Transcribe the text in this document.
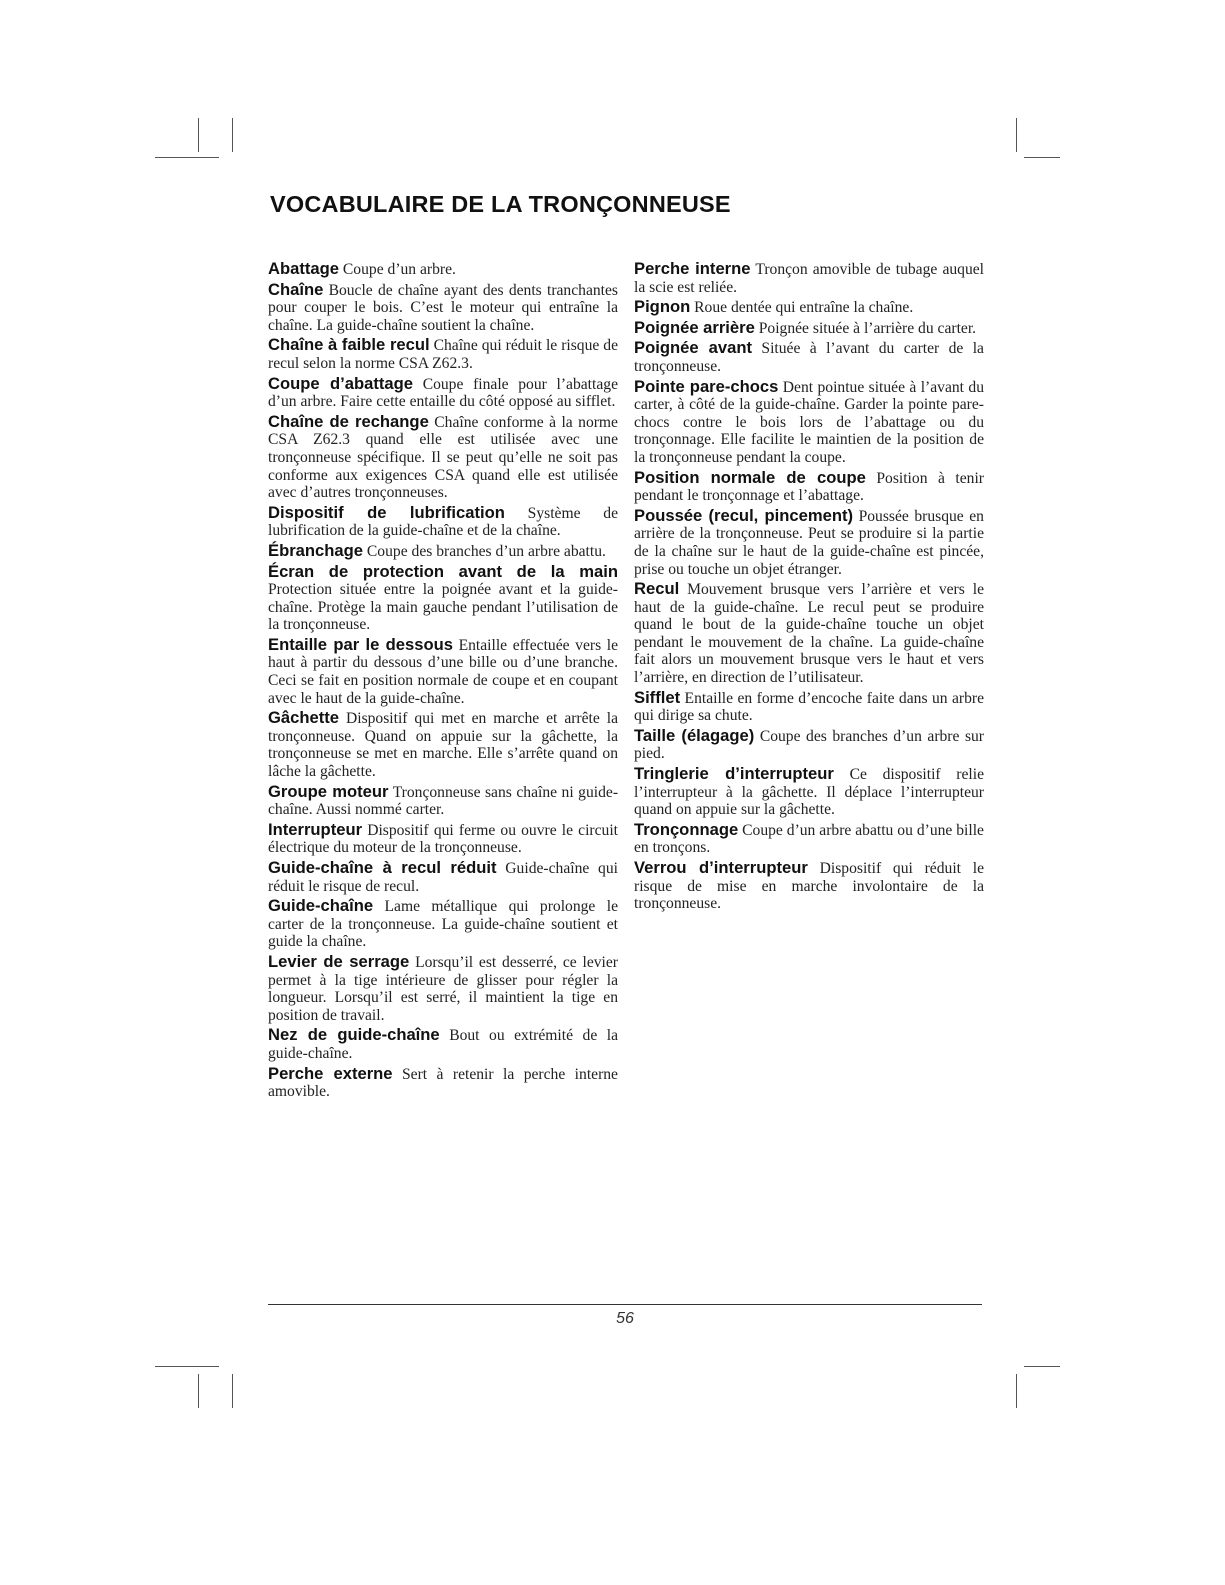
VOCABULAIRE DE LA TRONÇONNEUSE

Abattage Coupe d’un arbre.

Chaîne Boucle de chaîne ayant des dents tranchantes pour couper le bois. C’est le moteur qui entraîne la chaîne. La guide-chaîne soutient la chaîne.

Chaîne à faible recul Chaîne qui réduit le risque de recul selon la norme CSA Z62.3.

Coupe d’abattage Coupe finale pour l’abattage d’un arbre. Faire cette entaille du côté opposé au sifflet.

Chaîne de rechange Chaîne conforme à la norme CSA Z62.3 quand elle est utilisée avec une tronçonneuse spécifique. Il se peut qu’elle ne soit pas conforme aux exigences CSA quand elle est utilisée avec d’autres tronçonneuses.

Dispositif de lubrification Système de lubrification de la guide-chaîne et de la chaîne.

Ébranchage Coupe des branches d’un arbre abattu.

Écran de protection avant de la main Protection située entre la poignée avant et la guide-chaîne. Protège la main gauche pendant l’utilisation de la tronçonneuse.

Entaille par le dessous Entaille effectuée vers le haut à partir du dessous d’une bille ou d’une branche. Ceci se fait en position normale de coupe et en coupant avec le haut de la guide-chaîne.

Gâchette Dispositif qui met en marche et arrête la tronçonneuse. Quand on appuie sur la gâchette, la tronçonneuse se met en marche. Elle s’arrête quand on lâche la gâchette.

Groupe moteur Tronçonneuse sans chaîne ni guide-chaîne. Aussi nommé carter.

Interrupteur Dispositif qui ferme ou ouvre le circuit électrique du moteur de la tronçonneuse.

Guide-chaîne à recul réduit Guide-chaîne qui réduit le risque de recul.

Guide-chaîne Lame métallique qui prolonge le carter de la tronçonneuse. La guide-chaîne soutient et guide la chaîne.

Levier de serrage Lorsqu’il est desserré, ce levier permet à la tige intérieure de glisser pour régler la longueur. Lorsqu’il est serré, il maintient la tige en position de travail.

Nez de guide-chaîne Bout ou extrémité de la guide-chaîne.

Perche externe Sert à retenir la perche interne amovible.

Perche interne Tronçon amovible de tubage auquel la scie est reliée.

Pignon Roue dentée qui entraîne la chaîne.

Poignée arrière Poignée située à l’arrière du carter.

Poignée avant Située à l’avant du carter de la tronçonneuse.

Pointe pare-chocs Dent pointue située à l’avant du carter, à côté de la guide-chaîne. Garder la pointe pare-chocs contre le bois lors de l’abattage ou du tronçonnage. Elle facilite le maintien de la position de la tronçonneuse pendant la coupe.

Position normale de coupe Position à tenir pendant le tronçonnage et l’abattage.

Poussée (recul, pincement) Poussée brusque en arrière de la tronçonneuse. Peut se produire si la partie de la chaîne sur le haut de la guide-chaîne est pincée, prise ou touche un objet étranger.

Recul Mouvement brusque vers l’arrière et vers le haut de la guide-chaîne. Le recul peut se produire quand le bout de la guide-chaîne touche un objet pendant le mouvement de la chaîne. La guide-chaîne fait alors un mouvement brusque vers le haut et vers l’arrière, en direction de l’utilisateur.

Sifflet Entaille en forme d’encoche faite dans un arbre qui dirige sa chute.

Taille (élagage) Coupe des branches d’un arbre sur pied.

Tringlerie d’interrupteur Ce dispositif relie l’interrupteur à la gâchette. Il déplace l’interrupteur quand on appuie sur la gâchette.

Tronçonnage Coupe d’un arbre abattu ou d’une bille en tronçons.

Verrou d’interrupteur Dispositif qui réduit le risque de mise en marche involontaire de la tronçonneuse.

56
